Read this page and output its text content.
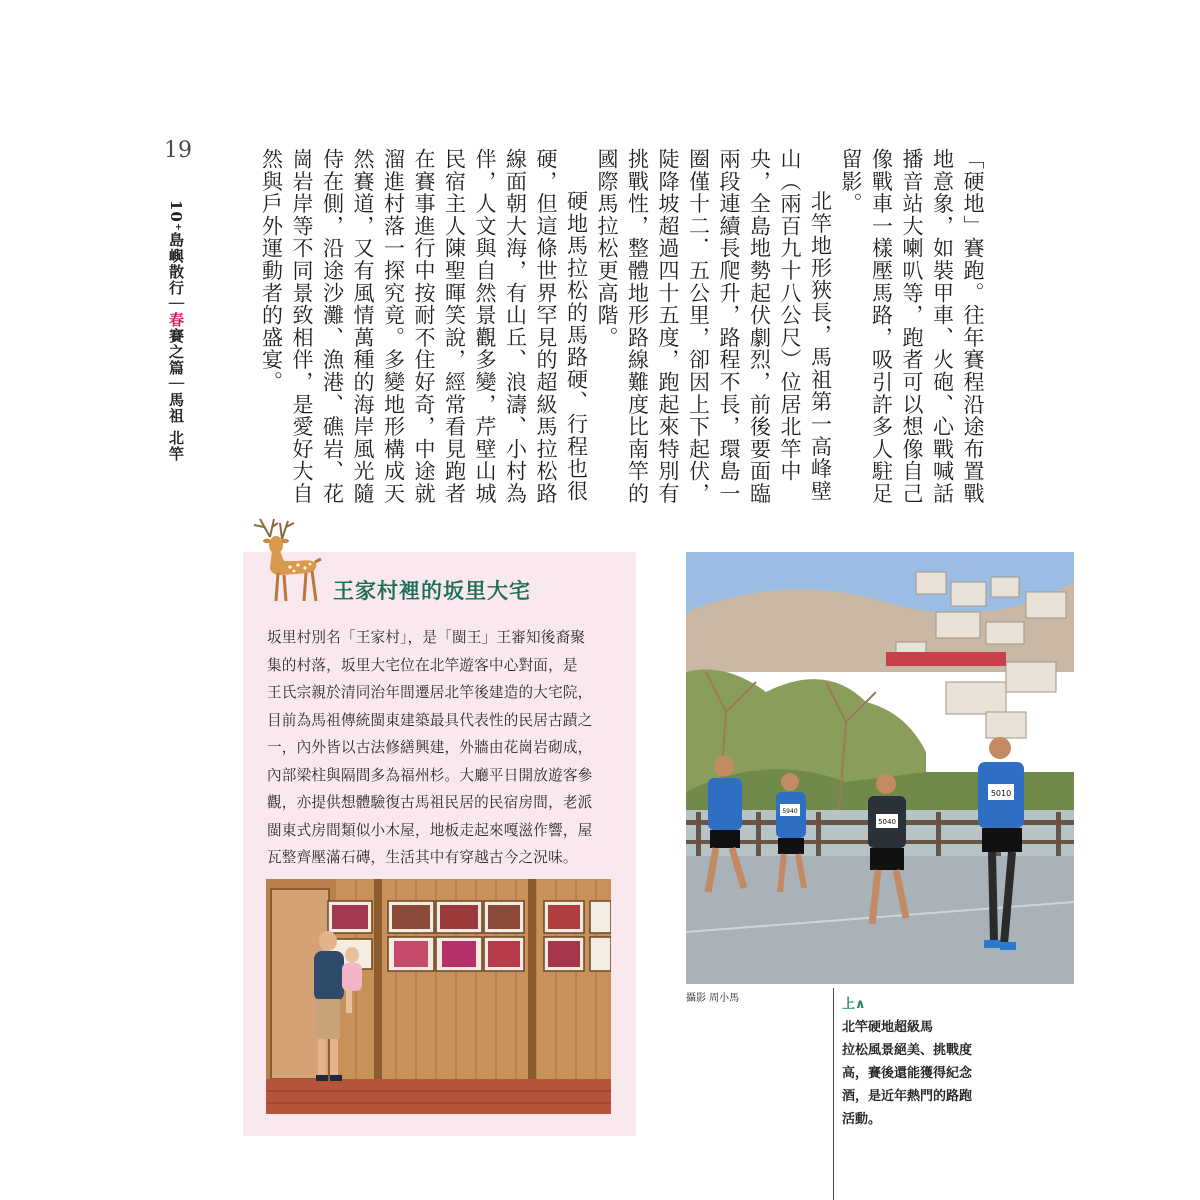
19
10⁺島嶼散行｜春賽之篇｜馬祖 北竿	「硬地」賽跑。往年賽程沿途布置戰地意象，如裝甲車、火砲、心戰喊話播音站大喇叭等，跑者可以想像自己像戰車一樣壓馬路，吸引許多人駐足留影。

北竿地形狹長，馬祖第一高峰壁山（兩百九十八公尺）位居北竿中央，全島地勢起伏劇烈，前後要面臨兩段連續長爬升，路程不長，環島一圈僅十二．五公里，卻因上下起伏，陡降坡超過四十五度，跑起來特別有挑戰性，整體地形路線難度比南竿的國際馬拉松更高階。

硬地馬拉松的馬路硬、行程也很硬，但這條世界罕見的超級馬拉松路線面朝大海，有山丘、浪濤、小村為伴，人文與自然景觀多變，芹壁山城民宿主人陳聖暉笑說，經常看見跑者在賽事進行中按耐不住好奇，中途就溜進村落一探究竟。多變地形構成天然賽道，又有風情萬種的海岸風光隨侍在側，沿途沙灘、漁港、礁岩、花崗岩岸等不同景致相伴，是愛好大自然與戶外運動者的盛宴。

王家村裡的坂里大宅
坂里村別名「王家村」，是「閩王」王審知後裔聚
集的村落，坂里大宅位在北竿遊客中心對面，是
王氏宗親於清同治年間遷居北竿後建造的大宅院，
目前為馬祖傳統閩東建築最具代表性的民居古蹟之
一，內外皆以古法修繕興建，外牆由花崗岩砌成，
內部梁柱與隔間多為福州杉。大廳平日開放遊客參
觀，亦提供想體驗復古馬祖民居的民宿房間，老派
閩東式房間類似小木屋，地板走起來嘎滋作響，屋
瓦整齊壓滿石磚，生活其中有穿越古今之況味。
5940
5040
5010
攝影 周小馬	上∧
北竿硬地超級馬
拉松風景絕美、挑戰度
高，賽後還能獲得紀念
酒，是近年熱門的路跑
活動。
